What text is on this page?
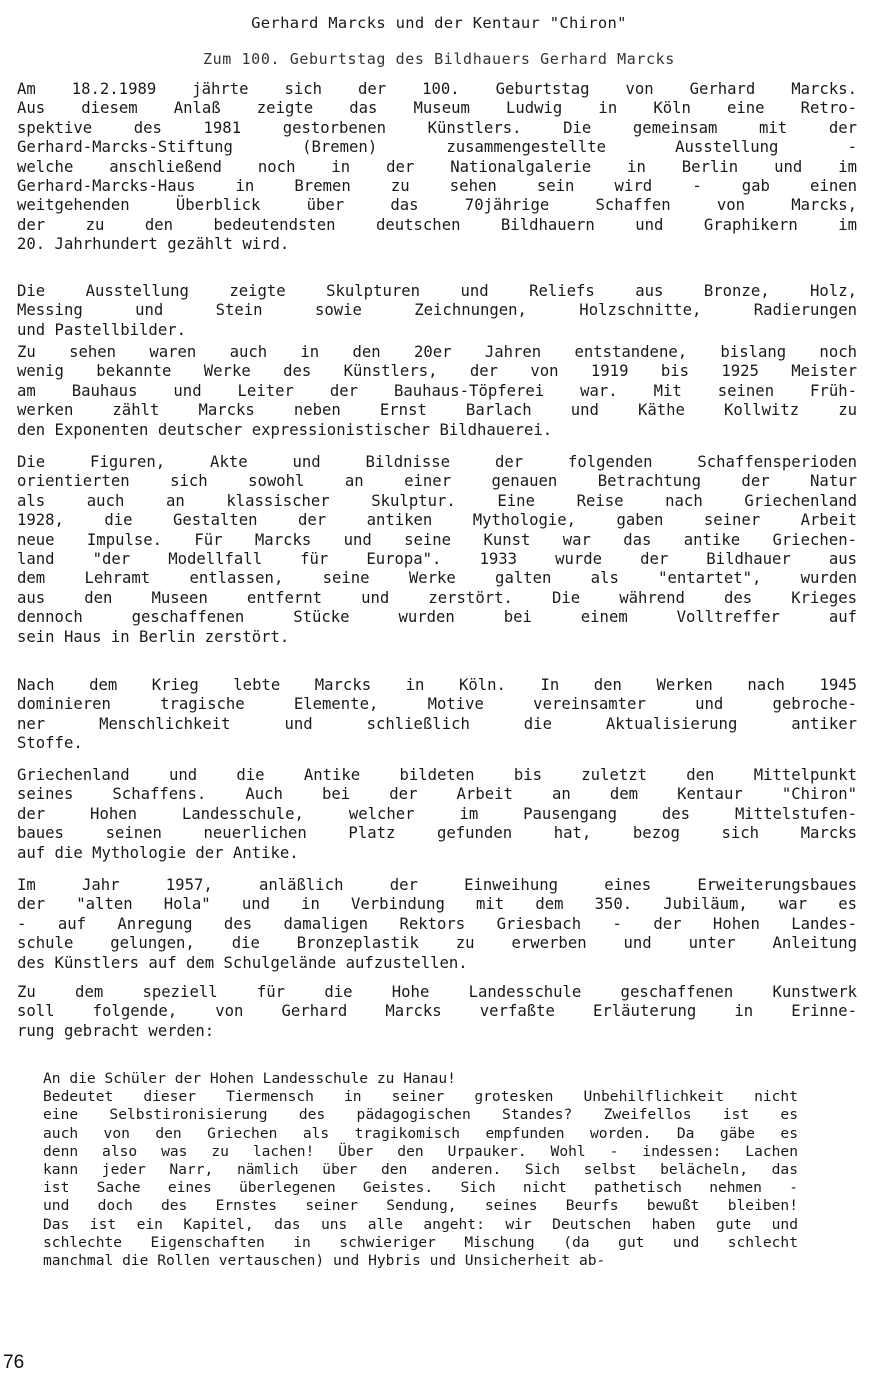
Gerhard Marcks und der Kentaur "Chiron"
Zum 100. Geburtstag des Bildhauers Gerhard Marcks
Am 18.2.1989 jährte sich der 100. Geburtstag von Gerhard Marcks.
Aus diesem Anlaß zeigte das Museum Ludwig in Köln eine Retro-
spektive des 1981 gestorbenen Künstlers. Die gemeinsam mit der
Gerhard-Marcks-Stiftung (Bremen) zusammengestellte Ausstellung -
welche anschließend noch in der Nationalgalerie in Berlin und im
Gerhard-Marcks-Haus in Bremen zu sehen sein wird - gab einen
weitgehenden Überblick über das 70jährige Schaffen von Marcks,
der zu den bedeutendsten deutschen Bildhauern und Graphikern im
20. Jahrhundert gezählt wird.
Die Ausstellung zeigte Skulpturen und Reliefs aus Bronze, Holz,
Messing und Stein sowie Zeichnungen, Holzschnitte, Radierungen
und Pastellbilder.
Zu sehen waren auch in den 20er Jahren entstandene, bislang noch
wenig bekannte Werke des Künstlers, der von 1919 bis 1925 Meister
am Bauhaus und Leiter der Bauhaus-Töpferei war. Mit seinen Früh-
werken zählt Marcks neben Ernst Barlach und Käthe Kollwitz zu
den Exponenten deutscher expressionistischer Bildhauerei.
Die Figuren, Akte und Bildnisse der folgenden Schaffensperioden
orientierten sich sowohl an einer genauen Betrachtung der Natur
als auch an klassischer Skulptur. Eine Reise nach Griechenland
1928, die Gestalten der antiken Mythologie, gaben seiner Arbeit
neue Impulse. Für Marcks und seine Kunst war das antike Griechen-
land "der Modellfall für Europa". 1933 wurde der Bildhauer aus
dem Lehramt entlassen, seine Werke galten als "entartet", wurden
aus den Museen entfernt und zerstört. Die während des Krieges
dennoch geschaffenen Stücke wurden bei einem Volltreffer auf
sein Haus in Berlin zerstört.
Nach dem Krieg lebte Marcks in Köln. In den Werken nach 1945
dominieren tragische Elemente, Motive vereinsamter und gebroche-
ner Menschlichkeit und schließlich die Aktualisierung antiker
Stoffe.
Griechenland und die Antike bildeten bis zuletzt den Mittelpunkt
seines Schaffens. Auch bei der Arbeit an dem Kentaur "Chiron"
der Hohen Landesschule, welcher im Pausengang des Mittelstufen-
baues seinen neuerlichen Platz gefunden hat, bezog sich Marcks
auf die Mythologie der Antike.
Im Jahr 1957, anläßlich der Einweihung eines Erweiterungsbaues
der "alten Hola" und in Verbindung mit dem 350. Jubiläum, war es
- auf Anregung des damaligen Rektors Griesbach - der Hohen Landes-
schule gelungen, die Bronzeplastik zu erwerben und unter Anleitung
des Künstlers auf dem Schulgelände aufzustellen.
Zu dem speziell für die Hohe Landesschule geschaffenen Kunstwerk
soll folgende, von Gerhard Marcks verfaßte Erläuterung in Erinne-
rung gebracht werden:
An die Schüler der Hohen Landesschule zu Hanau!
Bedeutet dieser Tiermensch in seiner grotesken Unbehilflichkeit nicht
eine Selbstironisierung des pädagogischen Standes? Zweifellos ist es
auch von den Griechen als tragikomisch empfunden worden. Da gäbe es
denn also was zu lachen! Über den Urpauker. Wohl - indessen: Lachen
kann jeder Narr, nämlich über den anderen. Sich selbst belächeln, das
ist Sache eines überlegenen Geistes. Sich nicht pathetisch nehmen -
und doch des Ernstes seiner Sendung, seines Beurfs bewußt bleiben!
Das ist ein Kapitel, das uns alle angeht: wir Deutschen haben gute und
schlechte Eigenschaften in schwieriger Mischung (da gut und schlecht
manchmal die Rollen vertauschen) und Hybris und Unsicherheit ab-
76
